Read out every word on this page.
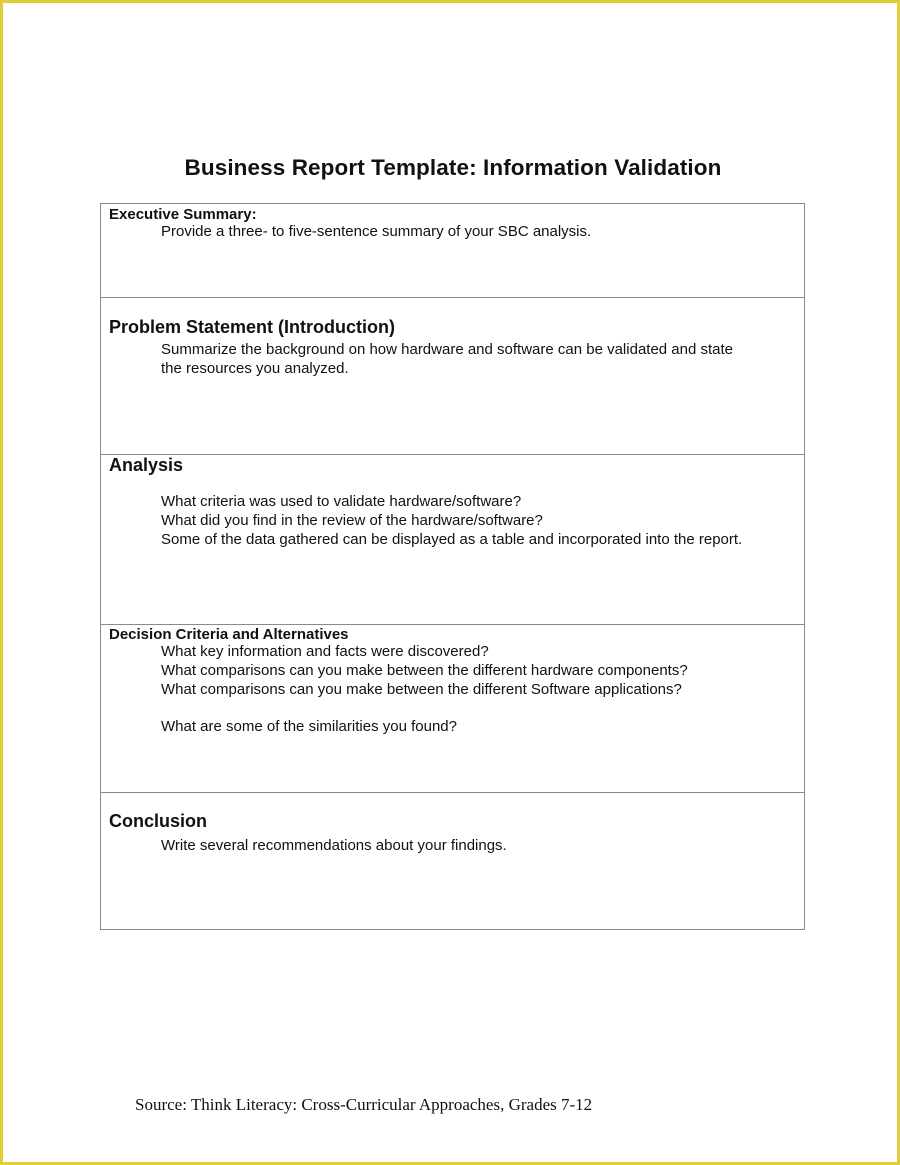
Business Report Template: Information Validation
Executive Summary:
Provide a three- to five-sentence summary of your SBC analysis.
Problem Statement (Introduction)
Summarize the background on how hardware and software can be validated and state
the resources you analyzed.
Analysis
What criteria was used to validate hardware/software?
What did you find in the review of the hardware/software?
Some of the data gathered can be displayed as a table and incorporated into the report.
Decision Criteria and Alternatives
What key information and facts were discovered?
What comparisons can you make between the different hardware components?
What comparisons can you make between the different Software applications?
What are some of the similarities you found?
Conclusion
Write several recommendations about your findings.

Source: Think Literacy: Cross-Curricular Approaches, Grades 7-12
